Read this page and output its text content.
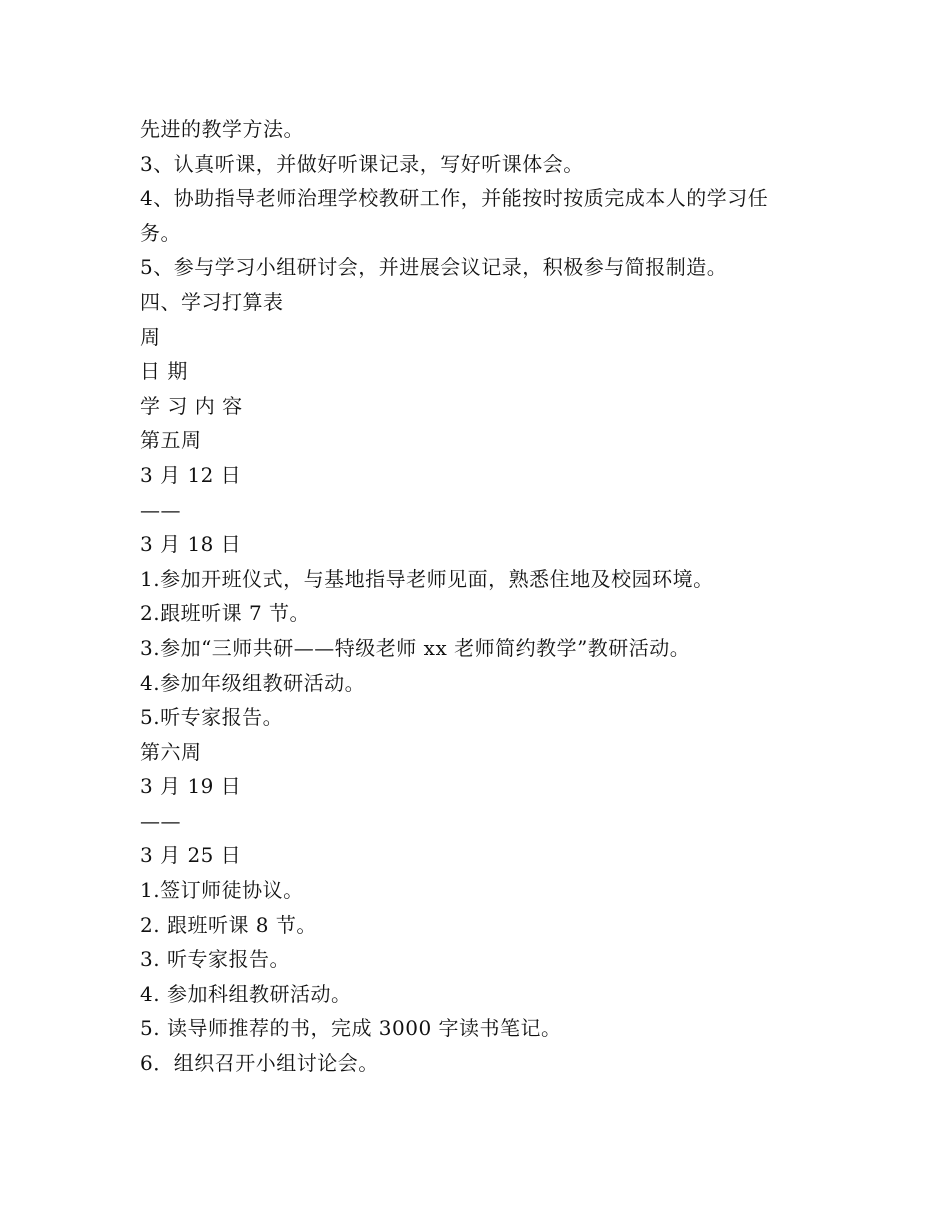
先进的教学方法。
3、认真听课，并做好听课记录，写好听课体会。
4、协助指导老师治理学校教研工作，并能按时按质完成本人的学习任
务。
5、参与学习小组研讨会，并进展会议记录，积极参与简报制造。
四、学习打算表
周
日 期
学 习 内 容
第五周
3 月 12 日
——
3 月 18 日
1.参加开班仪式，与基地指导老师见面，熟悉住地及校园环境。
2.跟班听课 7 节。
3.参加“三师共研——特级老师 xx 老师简约教学”教研活动。
4.参加年级组教研活动。
5.听专家报告。
第六周
3 月 19 日
——
3 月 25 日
1.签订师徒协议。
2. 跟班听课 8 节。
3. 听专家报告。
4. 参加科组教研活动。
5. 读导师推荐的书，完成 3000 字读书笔记。
6．组织召开小组讨论会。
